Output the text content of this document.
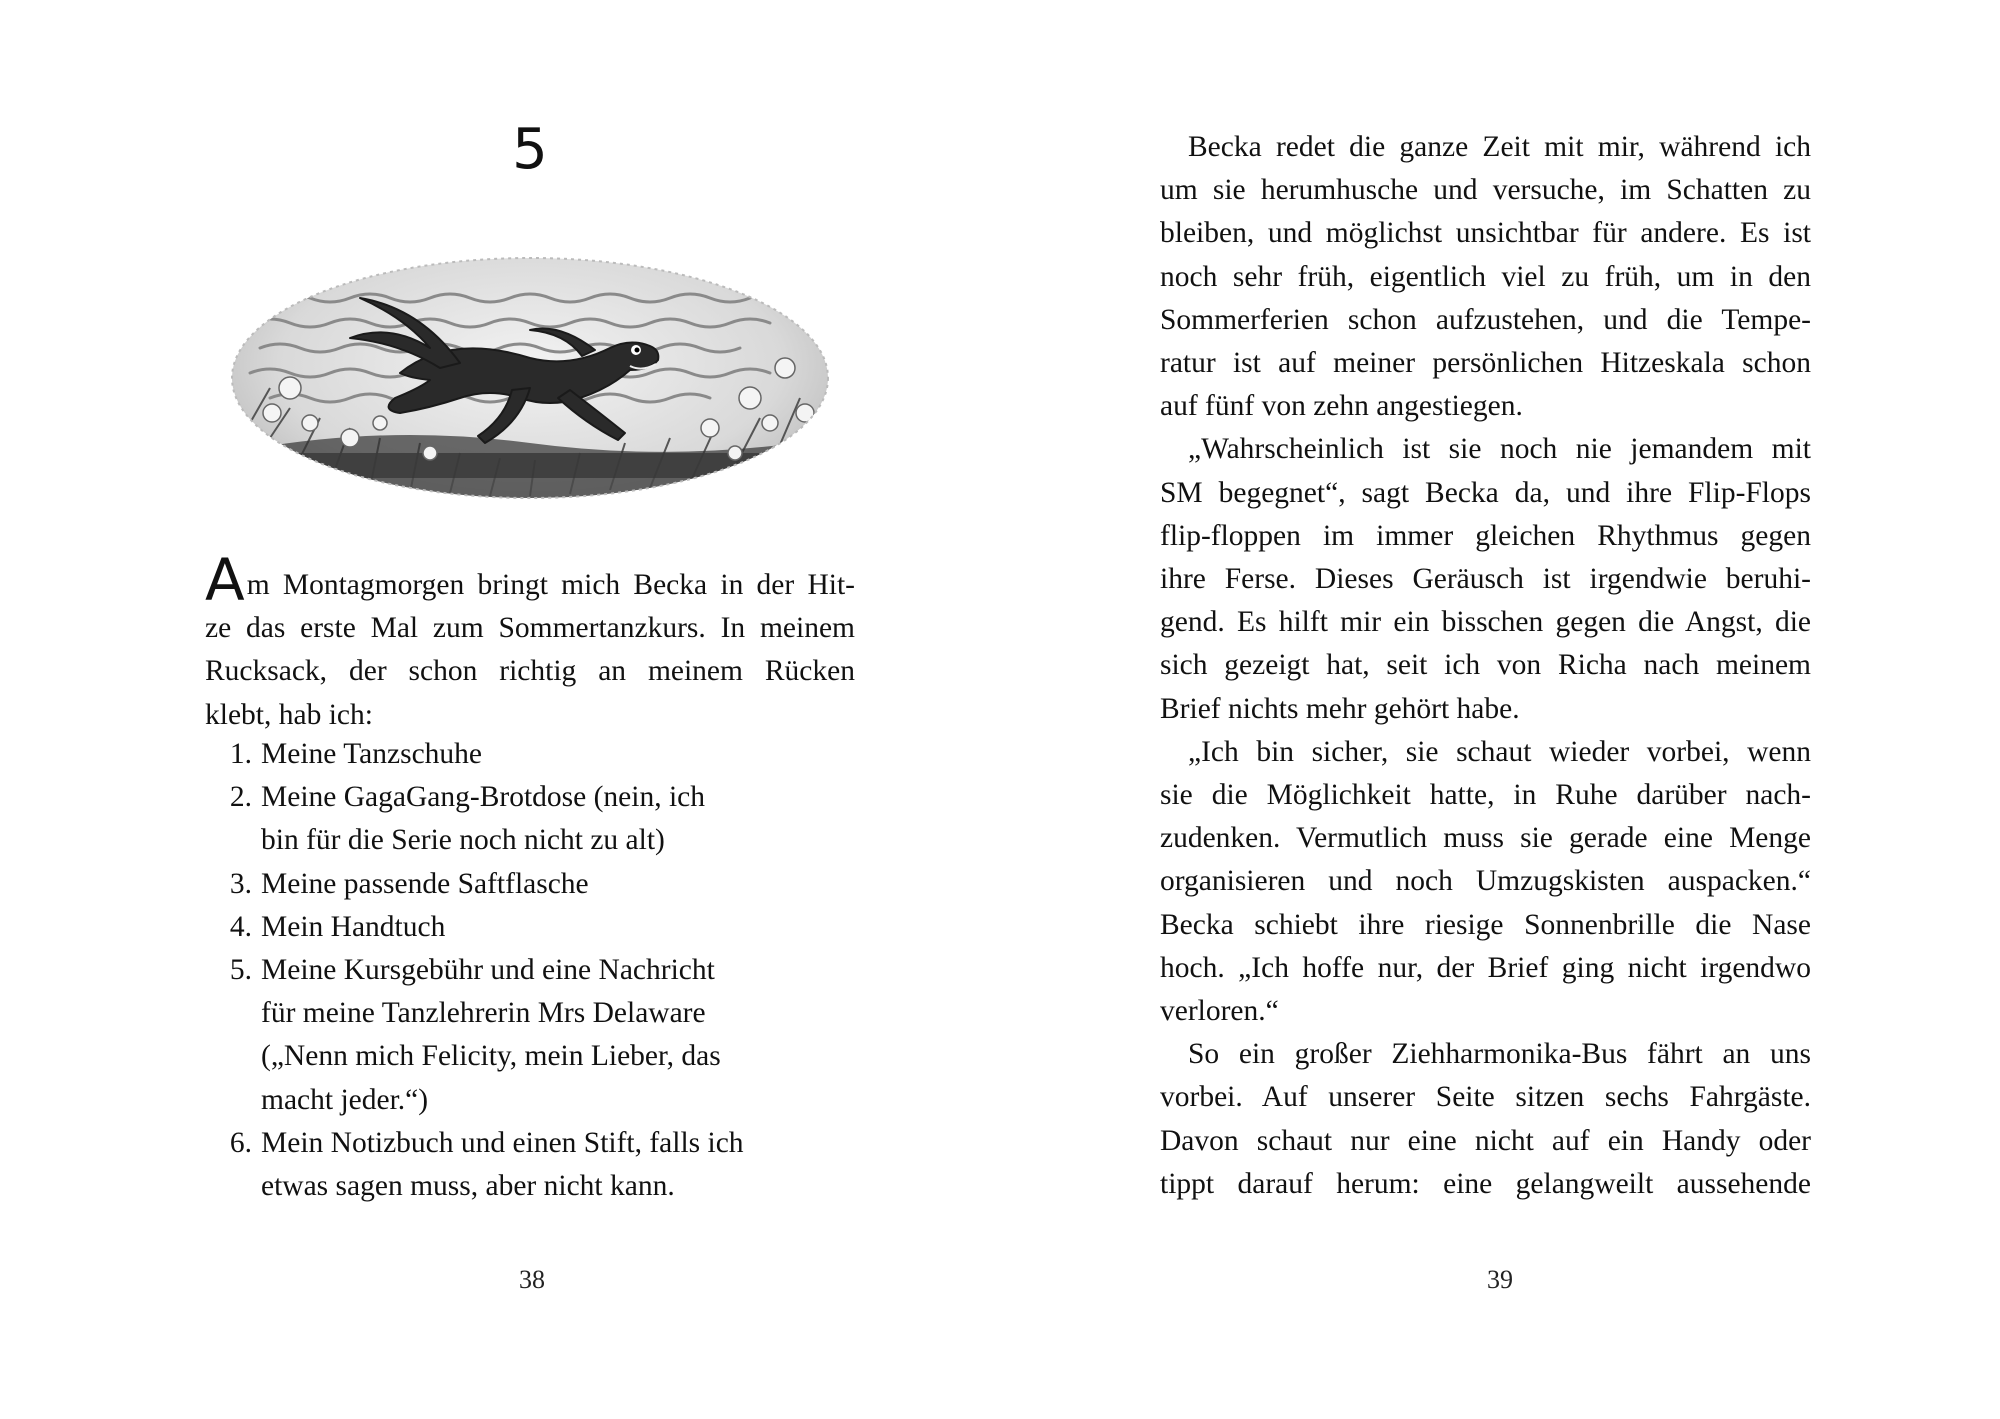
5
Am Montagmorgen bringt mich Becka in der Hit-
ze das erste Mal zum Sommertanzkurs. In meinem
Rucksack, der schon richtig an meinem Rücken
klebt, hab ich:
1. Meine Tanzschuhe
2. Meine GagaGang-Brotdose (nein, ich
bin für die Serie noch nicht zu alt)
3. Meine passende Saftflasche
4. Mein Handtuch
5. Meine Kursgebühr und eine Nachricht
für meine Tanzlehrerin Mrs Delaware
(„Nenn mich Felicity, mein Lieber, das
macht jeder.“)
6. Mein Notizbuch und einen Stift, falls ich
etwas sagen muss, aber nicht kann.
38
Becka redet die ganze Zeit mit mir, während ich
um sie herumhusche und versuche, im Schatten zu
bleiben, und möglichst unsichtbar für andere. Es ist
noch sehr früh, eigentlich viel zu früh, um in den
Sommerferien schon aufzustehen, und die Tempe-
ratur ist auf meiner persönlichen Hitzeskala schon
auf fünf von zehn angestiegen.
„Wahrscheinlich ist sie noch nie jemandem mit
SM begegnet“, sagt Becka da, und ihre Flip-Flops
flip-floppen im immer gleichen Rhythmus gegen
ihre Ferse. Dieses Geräusch ist irgendwie beruhi-
gend. Es hilft mir ein bisschen gegen die Angst, die
sich gezeigt hat, seit ich von Richa nach meinem
Brief nichts mehr gehört habe.
„Ich bin sicher, sie schaut wieder vorbei, wenn
sie die Möglichkeit hatte, in Ruhe darüber nach-
zudenken. Vermutlich muss sie gerade eine Menge
organisieren und noch Umzugskisten auspacken.“
Becka schiebt ihre riesige Sonnenbrille die Nase
hoch. „Ich hoffe nur, der Brief ging nicht irgendwo
verloren.“
So ein großer Ziehharmonika-Bus fährt an uns
vorbei. Auf unserer Seite sitzen sechs Fahrgäste.
Davon schaut nur eine nicht auf ein Handy oder
tippt darauf herum: eine gelangweilt aussehende
39
